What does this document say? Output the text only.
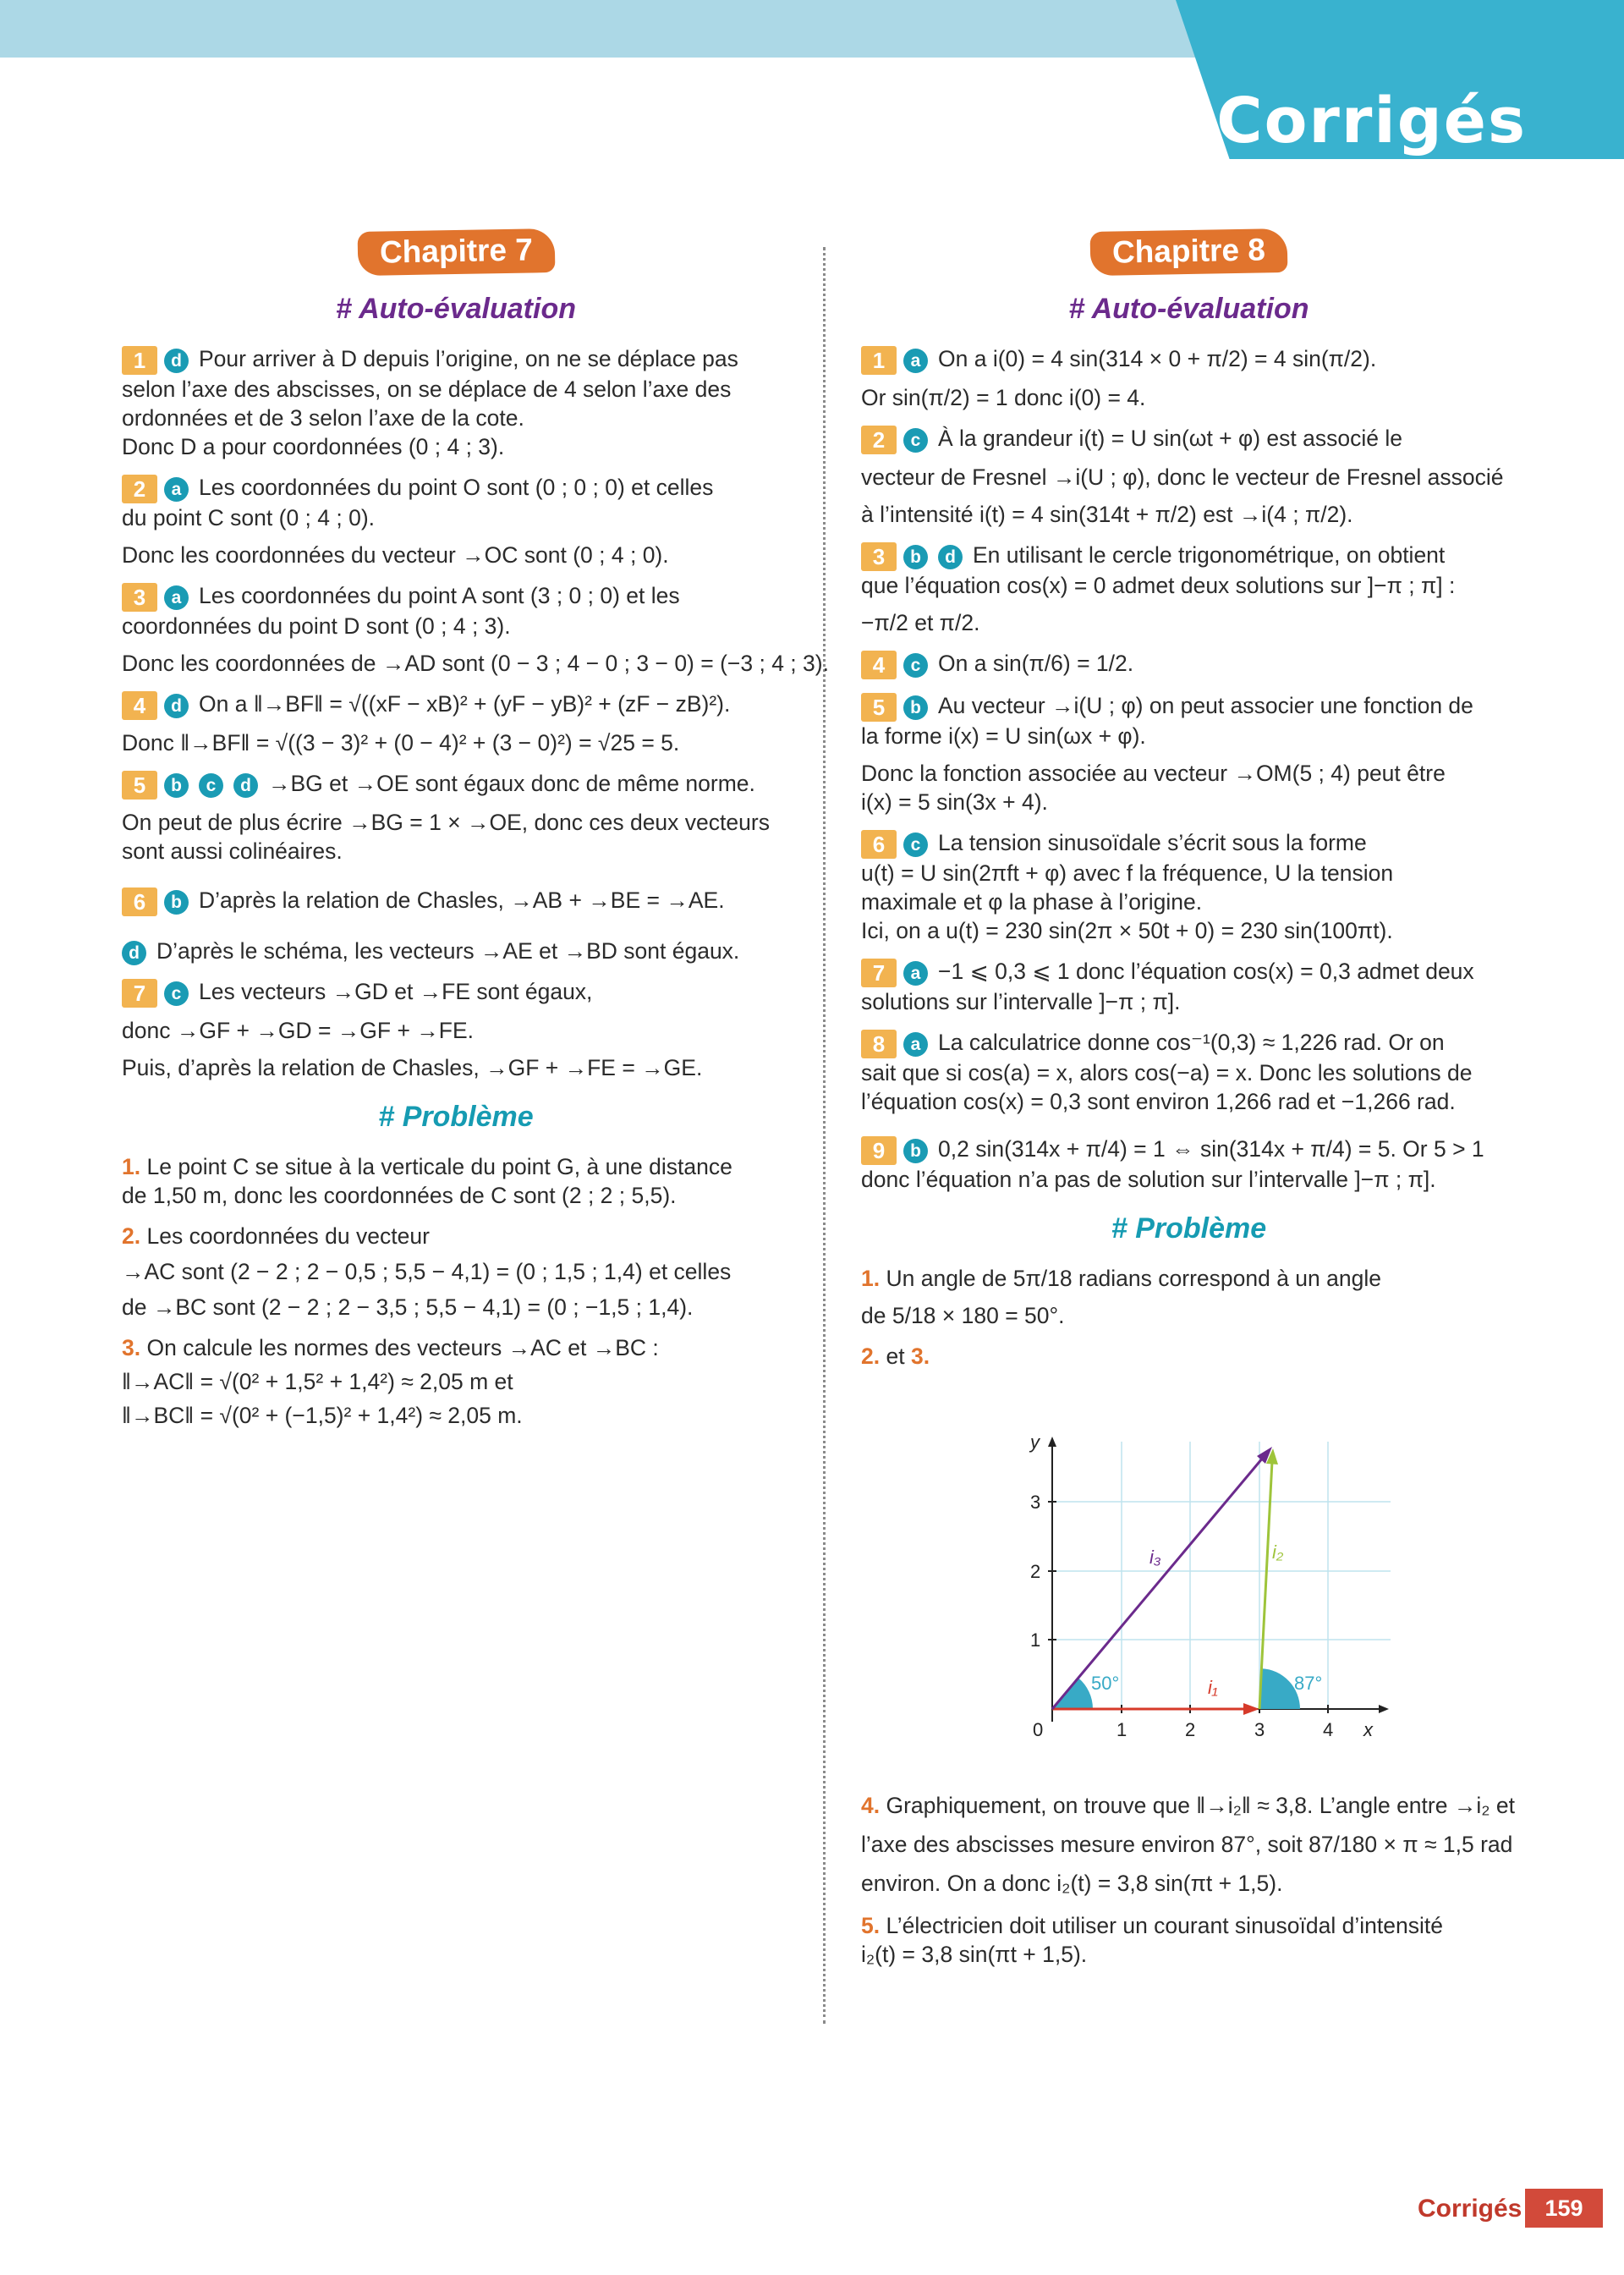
Corrigés
Chapitre 7
# Auto-évaluation
1 d Pour arriver à D depuis l’origine, on ne se déplace pas
selon l’axe des abscisses, on se déplace de 4 selon l’axe des
ordonnées et de 3 selon l’axe de la cote.
Donc D a pour coordonnées (0 ; 4 ; 3).
2 a Les coordonnées du point O sont (0 ; 0 ; 0) et celles
du point C sont (0 ; 4 ; 0).
Donc les coordonnées du vecteur →OC sont (0 ; 4 ; 0).
3 a Les coordonnées du point A sont (3 ; 0 ; 0) et les
coordonnées du point D sont (0 ; 4 ; 3).
Donc les coordonnées de →AD sont (0 − 3 ; 4 − 0 ; 3 − 0) = (−3 ; 4 ; 3).
4 d On a ‖→BF‖ = √((xF − xB)² + (yF − yB)² + (zF − zB)²).
Donc ‖→BF‖ = √((3 − 3)² + (0 − 4)² + (3 − 0)²) = √25 = 5.
5 b c d →BG et →OE sont égaux donc de même norme.
On peut de plus écrire →BG = 1 × →OE, donc ces deux vecteurs
sont aussi colinéaires.
6 b D’après la relation de Chasles, →AB + →BE = →AE.
d D’après le schéma, les vecteurs →AE et →BD sont égaux.
7 c Les vecteurs →GD et →FE sont égaux,
donc →GF + →GD = →GF + →FE.
Puis, d’après la relation de Chasles, →GF + →FE = →GE.
# Problème
1. Le point C se situe à la verticale du point G, à une distance
de 1,50 m, donc les coordonnées de C sont (2 ; 2 ; 5,5).
2. Les coordonnées du vecteur
→AC sont (2 − 2 ; 2 − 0,5 ; 5,5 − 4,1) = (0 ; 1,5 ; 1,4) et celles
de →BC sont (2 − 2 ; 2 − 3,5 ; 5,5 − 4,1) = (0 ; −1,5 ; 1,4).
3. On calcule les normes des vecteurs →AC et →BC :
‖→AC‖ = √(0² + 1,5² + 1,4²) ≈ 2,05 m et
‖→BC‖ = √(0² + (−1,5)² + 1,4²) ≈ 2,05 m.
Chapitre 8
# Auto-évaluation
1 a On a i(0) = 4 sin(314 × 0 + π/2) = 4 sin(π/2).
Or sin(π/2) = 1 donc i(0) = 4.
2 c À la grandeur i(t) = U sin(ωt + φ) est associé le
vecteur de Fresnel →i(U ; φ), donc le vecteur de Fresnel associé
à l’intensité i(t) = 4 sin(314t + π/2) est →i(4 ; π/2).
3 b d En utilisant le cercle trigonométrique, on obtient
que l’équation cos(x) = 0 admet deux solutions sur ]−π ; π] :
−π/2 et π/2.
4 c On a sin(π/6) = 1/2.
5 b Au vecteur →i(U ; φ) on peut associer une fonction de
la forme i(x) = U sin(ωx + φ).
Donc la fonction associée au vecteur →OM(5 ; 4) peut être
i(x) = 5 sin(3x + 4).
6 c La tension sinusoïdale s’écrit sous la forme
u(t) = U sin(2πft + φ) avec f la fréquence, U la tension
maximale et φ la phase à l’origine.
Ici, on a u(t) = 230 sin(2π × 50t + 0) = 230 sin(100πt).
7 a −1 ⩽ 0,3 ⩽ 1 donc l’équation cos(x) = 0,3 admet deux
solutions sur l’intervalle ]−π ; π].
8 a La calculatrice donne cos⁻¹(0,3) ≈ 1,226 rad. Or on
sait que si cos(a) = x, alors cos(−a) = x. Donc les solutions de
l’équation cos(x) = 0,3 sont environ 1,266 rad et −1,266 rad.
9 b 0,2 sin(314x + π/4) = 1 ⇔ sin(314x + π/4) = 5. Or 5 > 1
donc l’équation n’a pas de solution sur l’intervalle ]−π ; π].
# Problème
1. Un angle de 5π/18 radians correspond à un angle
de 5/18 × 180 = 50°.
2. et 3.
4. Graphiquement, on trouve que ‖→i₂‖ ≈ 3,8. L’angle entre →i₂ et
l’axe des abscisses mesure environ 87°, soit 87/180 × π ≈ 1,5 rad
environ. On a donc i₂(t) = 3,8 sin(πt + 1,5).
5. L’électricien doit utiliser un courant sinusoïdal d’intensité
i₂(t) = 3,8 sin(πt + 1,5).
0	1	2	3	4 x
1
2
3
y
i₁
i₂
i₃
50°	87°
Corrigés	159
